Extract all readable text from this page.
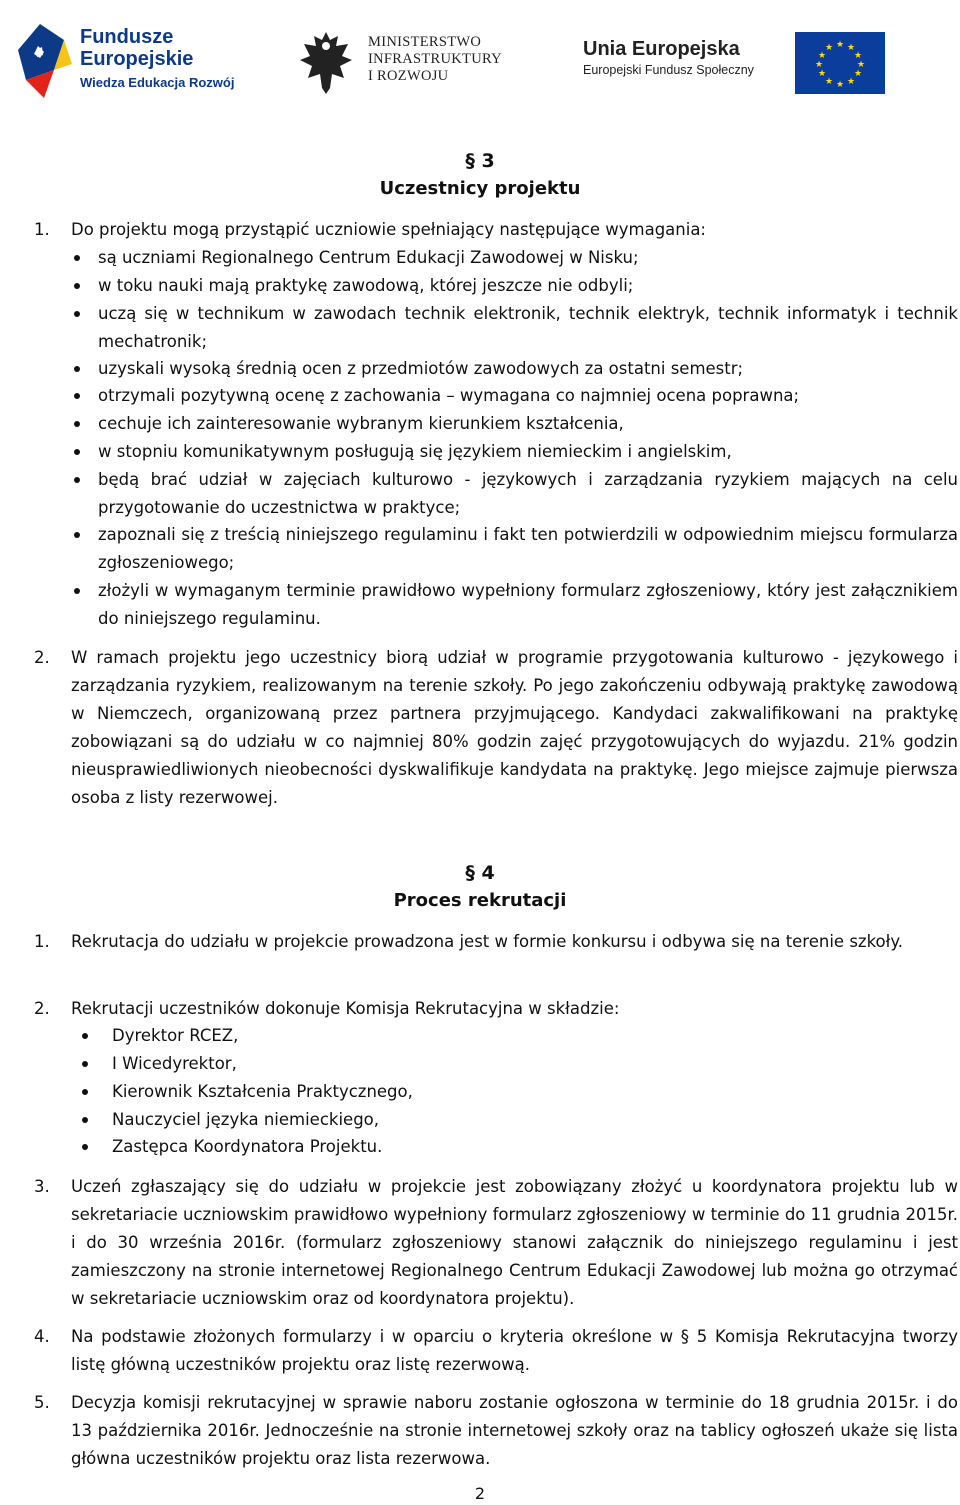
Fundusze
Europejskie
Wiedza Edukacja Rozwój
MINISTERSTWO
INFRASTRUKTURY
I ROZWOJU
Unia Europejska
Europejski Fundusz Społeczny
★ ★
★
★
★
★
★
★
★
★
★
★
§ 3
Uczestnicy projektu
1. Do projektu mogą przystąpić uczniowie spełniający następujące wymagania:
są uczniami Regionalnego Centrum Edukacji Zawodowej w Nisku;
w toku nauki mają praktykę zawodową, której jeszcze nie odbyli;
uczą się w technikum w zawodach technik elektronik, technik elektryk, technik informatyk i technik mechatronik;
uzyskali wysoką średnią ocen z przedmiotów zawodowych za ostatni semestr;
otrzymali pozytywną ocenę z zachowania – wymagana co najmniej ocena poprawna;
cechuje ich zainteresowanie wybranym kierunkiem kształcenia,
w stopniu komunikatywnym posługują się językiem niemieckim i angielskim,
będą brać udział w zajęciach kulturowo - językowych i zarządzania ryzykiem mających na celu przygotowanie do uczestnictwa w praktyce;
zapoznali się z treścią niniejszego regulaminu i fakt ten potwierdzili w odpowiednim miejscu formularza zgłoszeniowego;
złożyli w wymaganym terminie prawidłowo wypełniony formularz zgłoszeniowy, który jest załącznikiem do niniejszego regulaminu.
2. W ramach projektu jego uczestnicy biorą udział w programie przygotowania kulturowo - językowego i zarządzania ryzykiem, realizowanym na terenie szkoły. Po jego zakończeniu odbywają praktykę zawodową w Niemczech, organizowaną przez partnera przyjmującego. Kandydaci zakwalifikowani na praktykę zobowiązani są do udziału w co najmniej 80% godzin zajęć przygotowujących do wyjazdu. 21% godzin nieusprawiedliwionych nieobecności dyskwalifikuje kandydata na praktykę. Jego miejsce zajmuje pierwsza osoba z listy rezerwowej.
§ 4
Proces rekrutacji
1. Rekrutacja do udziału w projekcie prowadzona jest w formie konkursu i odbywa się na terenie szkoły.
2. Rekrutacji uczestników dokonuje Komisja Rekrutacyjna w składzie:
Dyrektor RCEZ,
I Wicedyrektor,
Kierownik Kształcenia Praktycznego,
Nauczyciel języka niemieckiego,
Zastępca Koordynatora Projektu.
3. Uczeń zgłaszający się do udziału w projekcie jest zobowiązany złożyć u koordynatora projektu lub w sekretariacie uczniowskim prawidłowo wypełniony formularz zgłoszeniowy w terminie do 11 grudnia 2015r. i do 30 września 2016r. (formularz zgłoszeniowy stanowi załącznik do niniejszego regulaminu i jest zamieszczony na stronie internetowej Regionalnego Centrum Edukacji Zawodowej lub można go otrzymać w sekretariacie uczniowskim oraz od koordynatora projektu).
4. Na podstawie złożonych formularzy i w oparciu o kryteria określone w § 5 Komisja Rekrutacyjna tworzy listę główną uczestników projektu oraz listę rezerwową.
5. Decyzja komisji rekrutacyjnej w sprawie naboru zostanie ogłoszona w terminie do 18 grudnia 2015r. i do 13 października 2016r. Jednocześnie na stronie internetowej szkoły oraz na tablicy ogłoszeń ukaże się lista główna uczestników projektu oraz lista rezerwowa.
2
